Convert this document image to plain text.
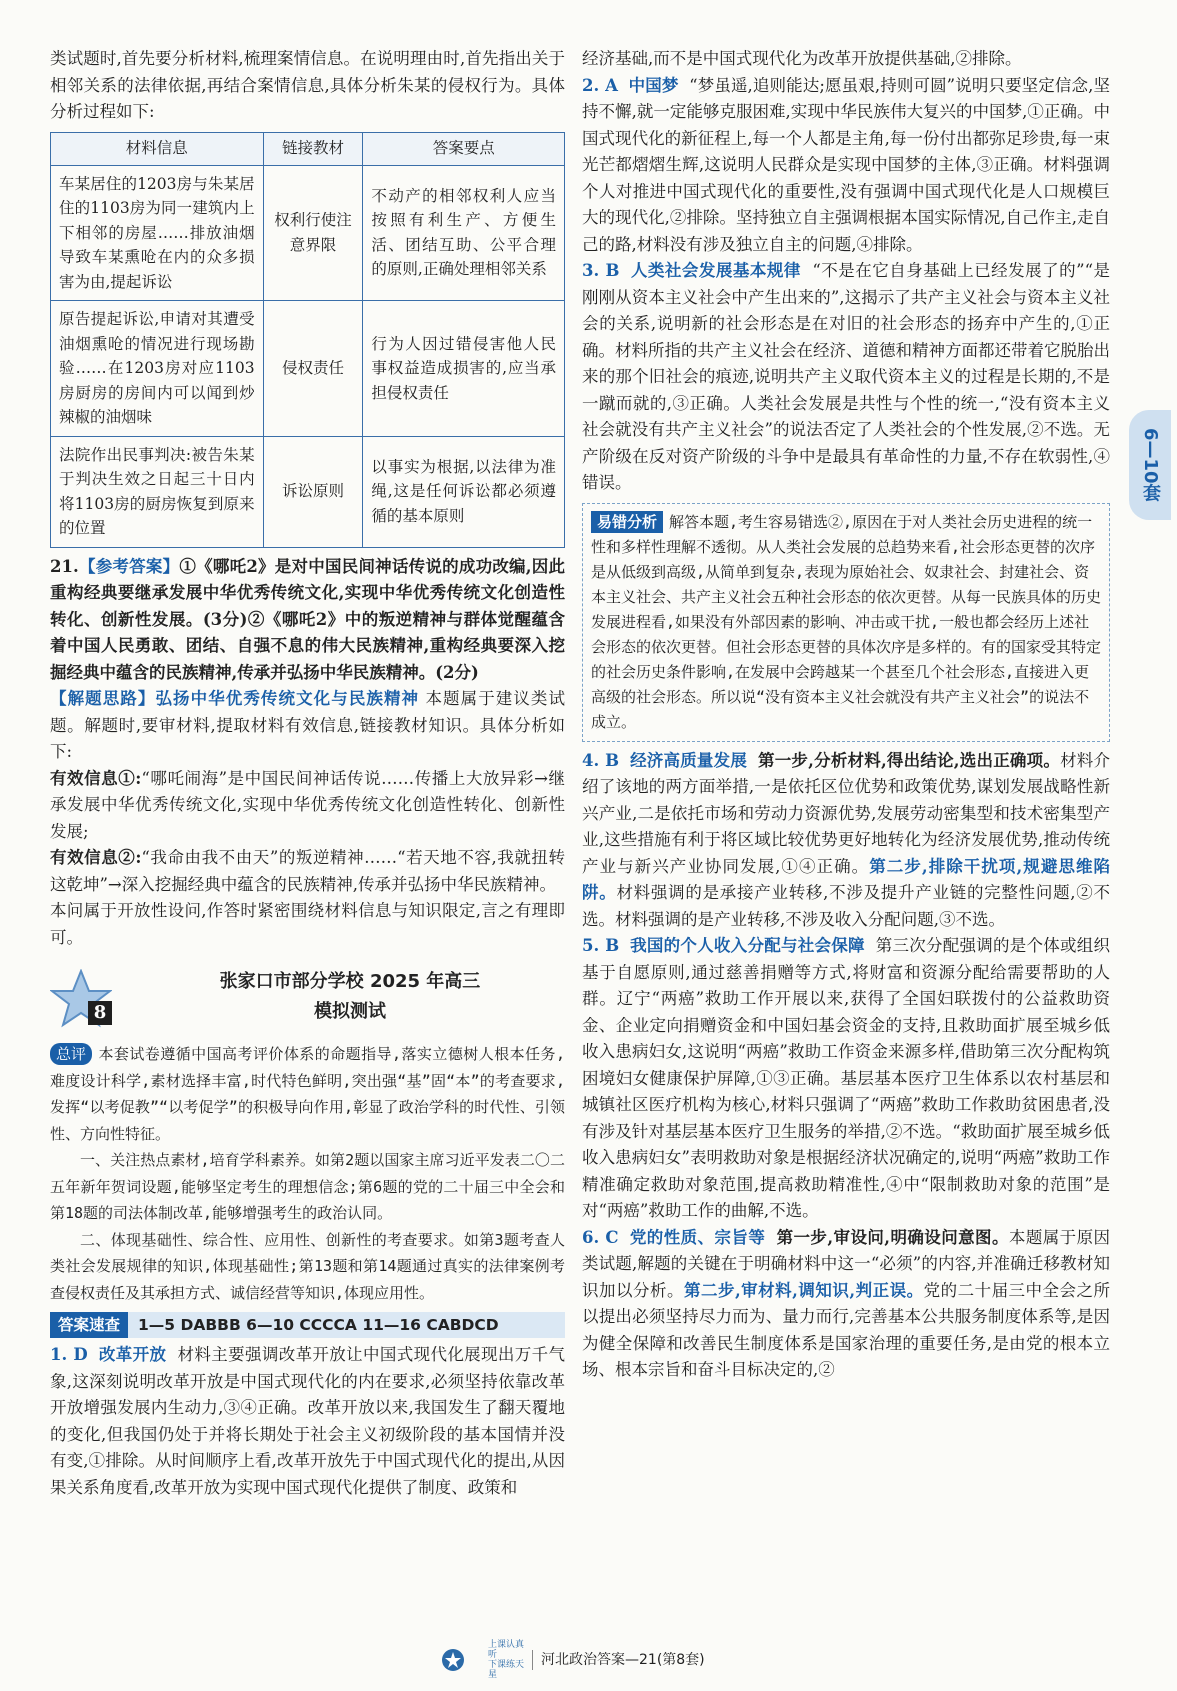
类试题时,首先要分析材料,梳理案情信息。在说明理由时,首先指出关于相邻关系的法律依据,再结合案情信息,具体分析朱某的侵权行为。具体分析过程如下:

材料信息	链接教材	答案要点
车某居住的1203房与朱某居住的1103房为同一建筑内上下相邻的房屋……排放油烟导致车某熏呛在内的众多损害为由,提起诉讼	权利行使注意界限	不动产的相邻权利人应当按照有利生产、方便生活、团结互助、公平合理的原则,正确处理相邻关系
原告提起诉讼,申请对其遭受油烟熏呛的情况进行现场勘验……在1203房对应1103房厨房的房间内可以闻到炒辣椒的油烟味	侵权责任	行为人因过错侵害他人民事权益造成损害的,应当承担侵权责任
法院作出民事判决:被告朱某于判决生效之日起三十日内将1103房的厨房恢复到原来的位置	诉讼原则	以事实为根据,以法律为准绳,这是任何诉讼都必须遵循的基本原则

21.【参考答案】①《哪吒2》是对中国民间神话传说的成功改编,因此重构经典要继承发展中华优秀传统文化,实现中华优秀传统文化创造性转化、创新性发展。(3分)②《哪吒2》中的叛逆精神与群体觉醒蕴含着中国人民勇敢、团结、自强不息的伟大民族精神,重构经典要深入挖掘经典中蕴含的民族精神,传承并弘扬中华民族精神。(2分)

【解题思路】弘扬中华优秀传统文化与民族精神 本题属于建议类试题。解题时,要审材料,提取材料有效信息,链接教材知识。具体分析如下:

有效信息①:“哪吒闹海”是中国民间神话传说……传播上大放异彩→继承发展中华优秀传统文化,实现中华优秀传统文化创造性转化、创新性发展;

有效信息②:“我命由我不由天”的叛逆精神……“若天地不容,我就扭转这乾坤”→深入挖掘经典中蕴含的民族精神,传承并弘扬中华民族精神。

本问属于开放性设问,作答时紧密围绕材料信息与知识限定,言之有理即可。

8
张家口市部分学校 2025 年高三
模拟测试

总评 本套试卷遵循中国高考评价体系的命题指导,落实立德树人根本任务,难度设计科学,素材选择丰富,时代特色鲜明,突出强“基”固“本”的考查要求,发挥“以考促教”“以考促学”的积极导向作用,彰显了政治学科的时代性、引领性、方向性特征。

一、关注热点素材,培育学科素养。如第2题以国家主席习近平发表二〇二五年新年贺词设题,能够坚定考生的理想信念;第6题的党的二十届三中全会和第18题的司法体制改革,能够增强考生的政治认同。

二、体现基础性、综合性、应用性、创新性的考查要求。如第3题考查人类社会发展规律的知识,体现基础性;第13题和第14题通过真实的法律案例考查侵权责任及其承担方式、诚信经营等知识,体现应用性。

答案速查 1—5 DABBB 6—10 CCCCA 11—16 CABDCD

1. D 改革开放 材料主要强调改革开放让中国式现代化展现出万千气象,这深刻说明改革开放是中国式现代化的内在要求,必须坚持依靠改革开放增强发展内生动力,③④正确。改革开放以来,我国发生了翻天覆地的变化,但我国仍处于并将长期处于社会主义初级阶段的基本国情并没有变,①排除。从时间顺序上看,改革开放先于中国式现代化的提出,从因果关系角度看,改革开放为实现中国式现代化提供了制度、政策和

经济基础,而不是中国式现代化为改革开放提供基础,②排除。

2. A 中国梦 “梦虽遥,追则能达;愿虽艰,持则可圆”说明只要坚定信念,坚持不懈,就一定能够克服困难,实现中华民族伟大复兴的中国梦,①正确。中国式现代化的新征程上,每一个人都是主角,每一份付出都弥足珍贵,每一束光芒都熠熠生辉,这说明人民群众是实现中国梦的主体,③正确。材料强调个人对推进中国式现代化的重要性,没有强调中国式现代化是人口规模巨大的现代化,②排除。坚持独立自主强调根据本国实际情况,自己作主,走自己的路,材料没有涉及独立自主的问题,④排除。

3. B 人类社会发展基本规律 “不是在它自身基础上已经发展了的”“是刚刚从资本主义社会中产生出来的”,这揭示了共产主义社会与资本主义社会的关系,说明新的社会形态是在对旧的社会形态的扬弃中产生的,①正确。材料所指的共产主义社会在经济、道德和精神方面都还带着它脱胎出来的那个旧社会的痕迹,说明共产主义取代资本主义的过程是长期的,不是一蹴而就的,③正确。人类社会发展是共性与个性的统一,“没有资本主义社会就没有共产主义社会”的说法否定了人类社会的个性发展,②不选。无产阶级在反对资产阶级的斗争中是最具有革命性的力量,不存在软弱性,④错误。

易错分析 解答本题,考生容易错选②,原因在于对人类社会历史进程的统一性和多样性理解不透彻。从人类社会发展的总趋势来看,社会形态更替的次序是从低级到高级,从简单到复杂,表现为原始社会、奴隶社会、封建社会、资本主义社会、共产主义社会五种社会形态的依次更替。从每一民族具体的历史发展进程看,如果没有外部因素的影响、冲击或干扰,一般也都会经历上述社会形态的依次更替。但社会形态更替的具体次序是多样的。有的国家受其特定的社会历史条件影响,在发展中会跨越某一个甚至几个社会形态,直接进入更高级的社会形态。所以说“没有资本主义社会就没有共产主义社会”的说法不成立。

4. B 经济高质量发展 第一步,分析材料,得出结论,选出正确项。材料介绍了该地的两方面举措,一是依托区位优势和政策优势,谋划发展战略性新兴产业,二是依托市场和劳动力资源优势,发展劳动密集型和技术密集型产业,这些措施有利于将区域比较优势更好地转化为经济发展优势,推动传统产业与新兴产业协同发展,①④正确。第二步,排除干扰项,规避思维陷阱。材料强调的是承接产业转移,不涉及提升产业链的完整性问题,②不选。材料强调的是产业转移,不涉及收入分配问题,③不选。

5. B 我国的个人收入分配与社会保障 第三次分配强调的是个体或组织基于自愿原则,通过慈善捐赠等方式,将财富和资源分配给需要帮助的人群。辽宁“两癌”救助工作开展以来,获得了全国妇联拨付的公益救助资金、企业定向捐赠资金和中国妇基会资金的支持,且救助面扩展至城乡低收入患病妇女,这说明“两癌”救助工作资金来源多样,借助第三次分配构筑困境妇女健康保护屏障,①③正确。基层基本医疗卫生体系以农村基层和城镇社区医疗机构为核心,材料只强调了“两癌”救助工作救助贫困患者,没有涉及针对基层基本医疗卫生服务的举措,②不选。“救助面扩展至城乡低收入患病妇女”表明救助对象是根据经济状况确定的,说明“两癌”救助工作精准确定救助对象范围,提高救助精准性,④中“限制救助对象的范围”是对“两癌”救助工作的曲解,不选。

6. C 党的性质、宗旨等 第一步,审设问,明确设问意图。本题属于原因类试题,解题的关键在于明确材料中这一“必须”的内容,并准确迁移教材知识加以分析。第二步,审材料,调知识,判正误。党的二十届三中全会之所以提出必须坚持尽力而为、量力而行,完善基本公共服务制度体系等,是因为健全保障和改善民生制度体系是国家治理的重要任务,是由党的根本立场、根本宗旨和奋斗目标决定的,②

6—10套
上课认真听
下课练天星
河北政治答案—21(第8套)
